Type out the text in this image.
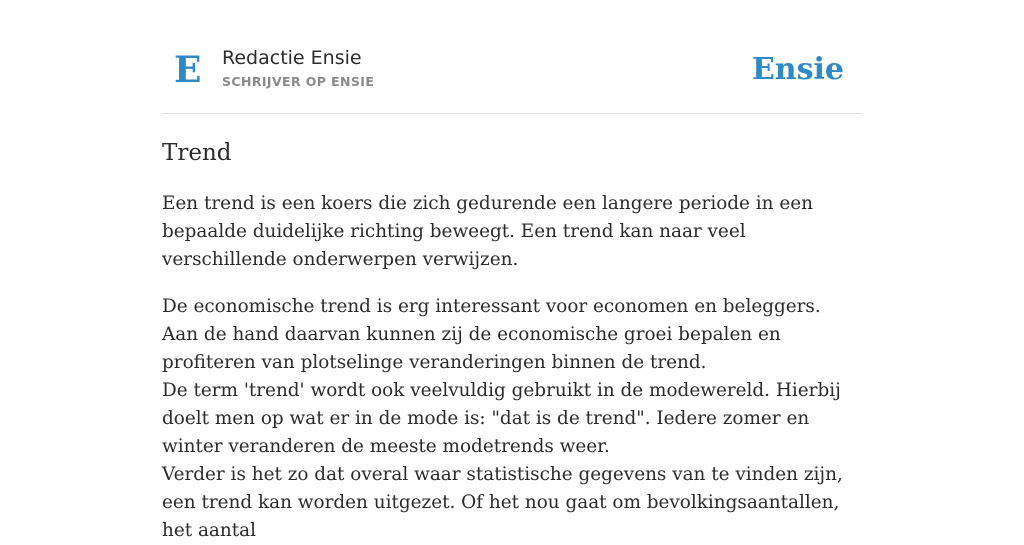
E Redactie Ensie
SCHRIJVER OP ENSIE	Ensie
Trend

Een trend is een koers die zich gedurende een langere periode in een bepaalde duidelijke richting beweegt. Een trend kan naar veel verschillende onderwerpen verwijzen.

De economische trend is erg interessant voor economen en beleggers. Aan de hand daarvan kunnen zij de economische groei bepalen en profiteren van plotselinge veranderingen binnen de trend.

De term 'trend' wordt ook veelvuldig gebruikt in de modewereld. Hierbij doelt men op wat er in de mode is: "dat is de trend". Iedere zomer en winter veranderen de meeste modetrends weer.

Verder is het zo dat overal waar statistische gegevens van te vinden zijn, een trend kan worden uitgezet. Of het nou gaat om bevolkingsaantallen, het aantal
